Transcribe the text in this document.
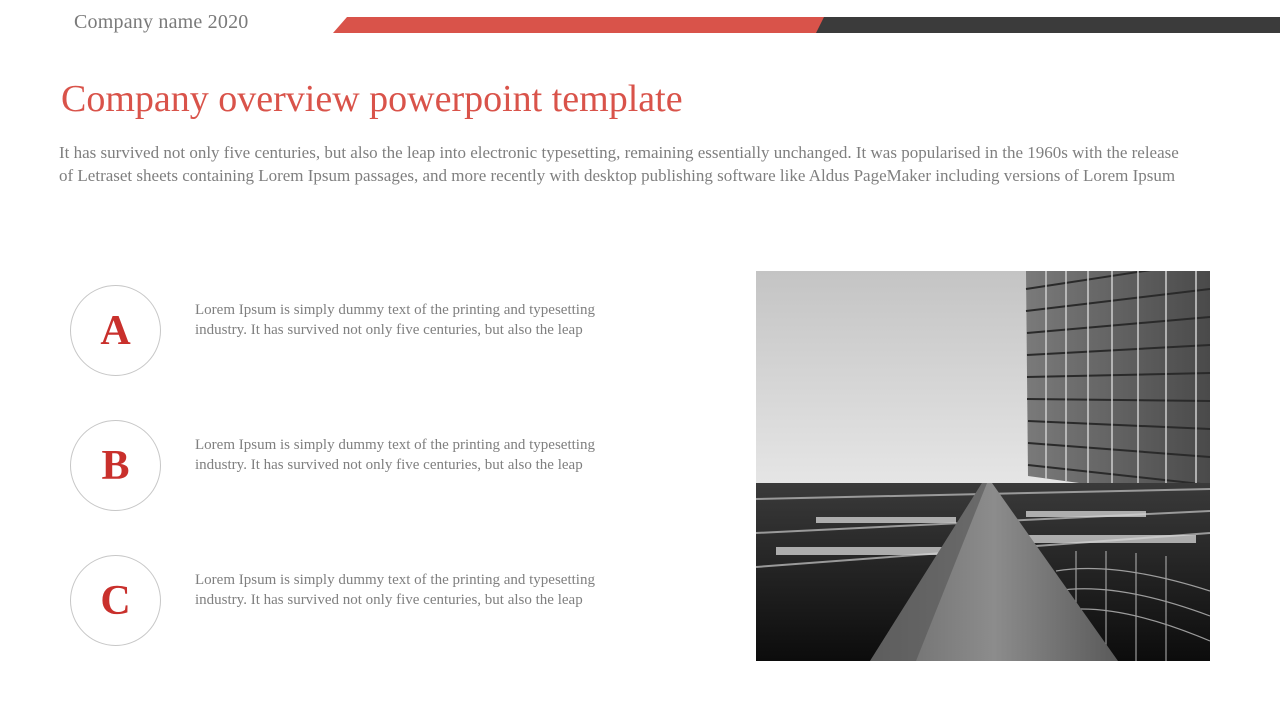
Company name 2020
Company overview powerpoint template

It has survived not only five centuries, but also the leap into electronic typesetting, remaining essentially unchanged. It was popularised in the 1960s with the release of Letraset sheets containing Lorem Ipsum passages, and more recently with desktop publishing software like Aldus PageMaker including versions of Lorem Ipsum

A	Lorem Ipsum is simply dummy text of the printing and typesetting industry. It has survived not only five centuries, but also the leap

B	Lorem Ipsum is simply dummy text of the printing and typesetting industry. It has survived not only five centuries, but also the leap

C	Lorem Ipsum is simply dummy text of the printing and typesetting industry. It has survived not only five centuries, but also the leap
